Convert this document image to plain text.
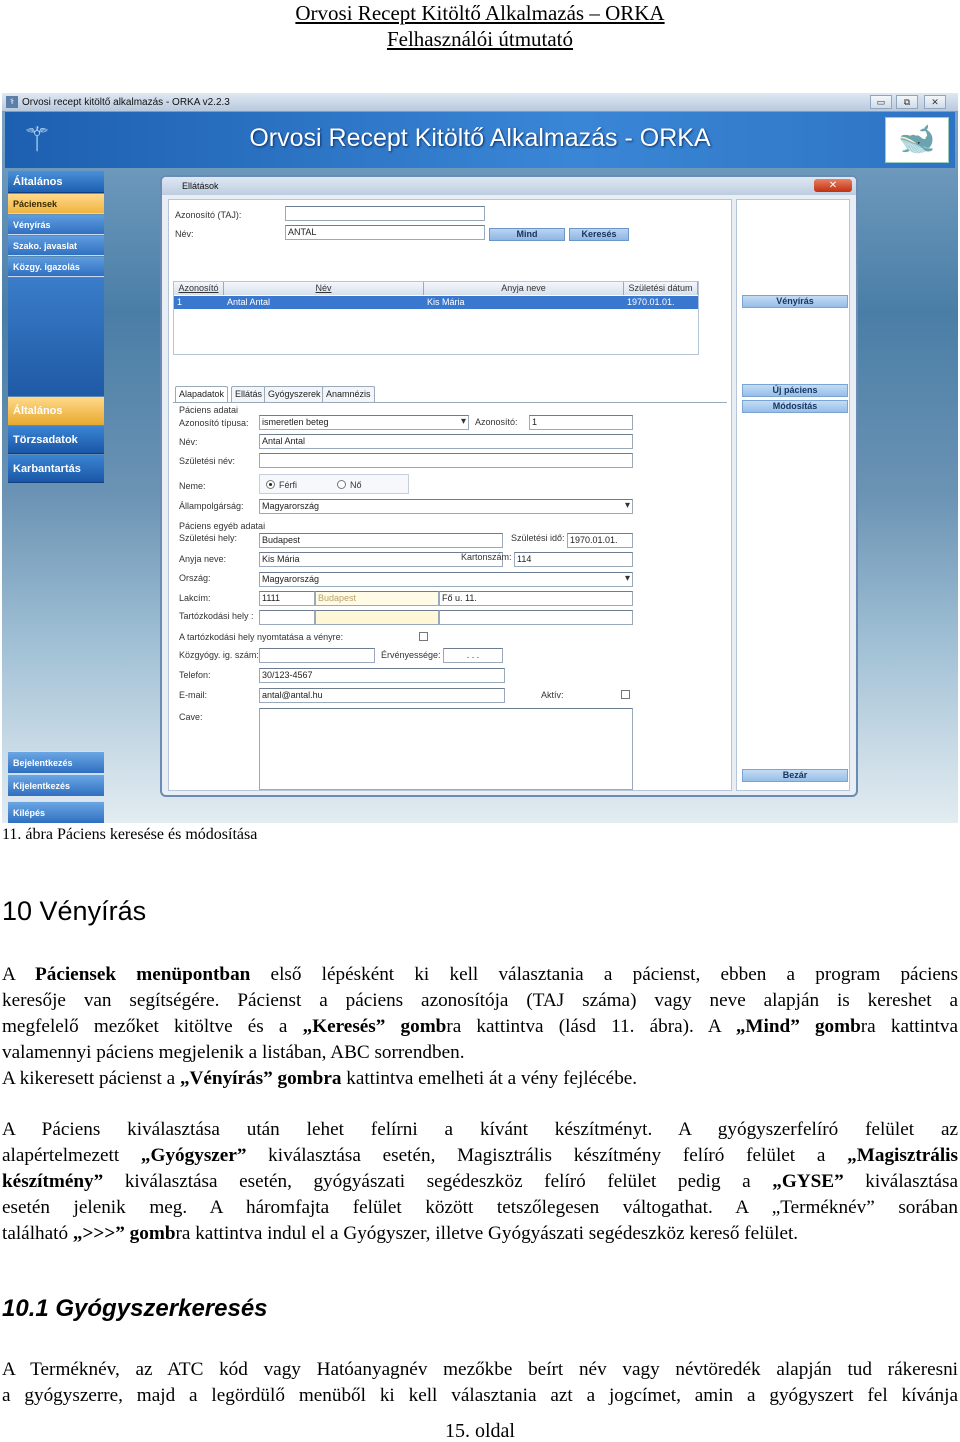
Orvosi Recept Kitöltő Alkalmazás – ORKA
Felhasználói útmutató
⚕ Orvosi recept kitöltő alkalmazás - ORKA v2.2.3	▭	⧉	✕
⚚	Orvosi Recept Kitöltő Alkalmazás - ORKA	🐋
Általános
Páciensek
Vényírás
Szako. javaslat
Közgy. igazolás
Általános
Törzsadatok
Karbantartás
Bejelentkezés
Kijelentkezés
Kilépés
Ellátások	✕
Azonosító (TAJ):
Név:	ANTAL	Mind	Keresés
Azonosító	Név	Anyja neve	Születési dátum
1	Antal Antal	Kis Mária	1970.01.01.
Alapadatok	Ellátás Gyógyszerek Anamnézis
Páciens adatai
Azonosító típusa:	ismeretlen beteg ▾	Azonosító:	1
Név:	Antal Antal
Születési név:
Neme:	Férfi	Nő
Állampolgárság:	Magyarország ▾
Páciens egyéb adatai
Születési hely:	Budapest	Születési idő: 1970.01.01.
Anyja neve:	Kis Mária	Kartonszám: 114
Ország:	Magyarország ▾
Lakcím:	1111	Budapest	Fő u. 11.
Tartózkodási hely :
A tartózkodási hely nyomtatása a vényre:
Közgyógy. ig. szám:	Érvényessége:	. . .
Telefon:	30/123-4567
E-mail:	antal@antal.hu	Aktív:
Cave:
Vényírás
Új páciens
Módosítás
Bezár
11. ábra Páciens keresése és módosítása
10 Vényírás
A Páciensek menüpontban első lépésként ki kell választania a pácienst, ebben a program páciens
keresője van segítségére. Pácienst a páciens azonosítója (TAJ száma) vagy neve alapján is kereshet a
megfelelő mezőket kitöltve és a „Keresés” gombra kattintva (lásd 11. ábra). A „Mind” gombra kattintva
valamennyi páciens megjelenik a listában, ABC sorrendben.
A kikeresett pácienst a „Vényírás” gombra kattintva emelheti át a vény fejlécébe.
A Páciens kiválasztása után lehet felírni a kívánt készítményt. A gyógyszerfelíró felület az
alapértelmezett „Gyógyszer” kiválasztása esetén, Magisztrális készítmény felíró felület a „Magisztrális
készítmény” kiválasztása esetén, gyógyászati segédeszköz felíró felület pedig a „GYSE” kiválasztása
esetén jelenik meg. A háromfajta felület között tetszőlegesen váltogathat. A „Terméknév” sorában
található „>>>” gombra kattintva indul el a Gyógyszer, illetve Gyógyászati segédeszköz kereső felület.
10.1 Gyógyszerkeresés
A Terméknév, az ATC kód vagy Hatóanyagnév mezőkbe beírt név vagy névtöredék alapján tud rákeresni
a gyógyszerre, majd a legördülő menüből ki kell választania azt a jogcímet, amin a gyógyszert fel kívánja
15. oldal
